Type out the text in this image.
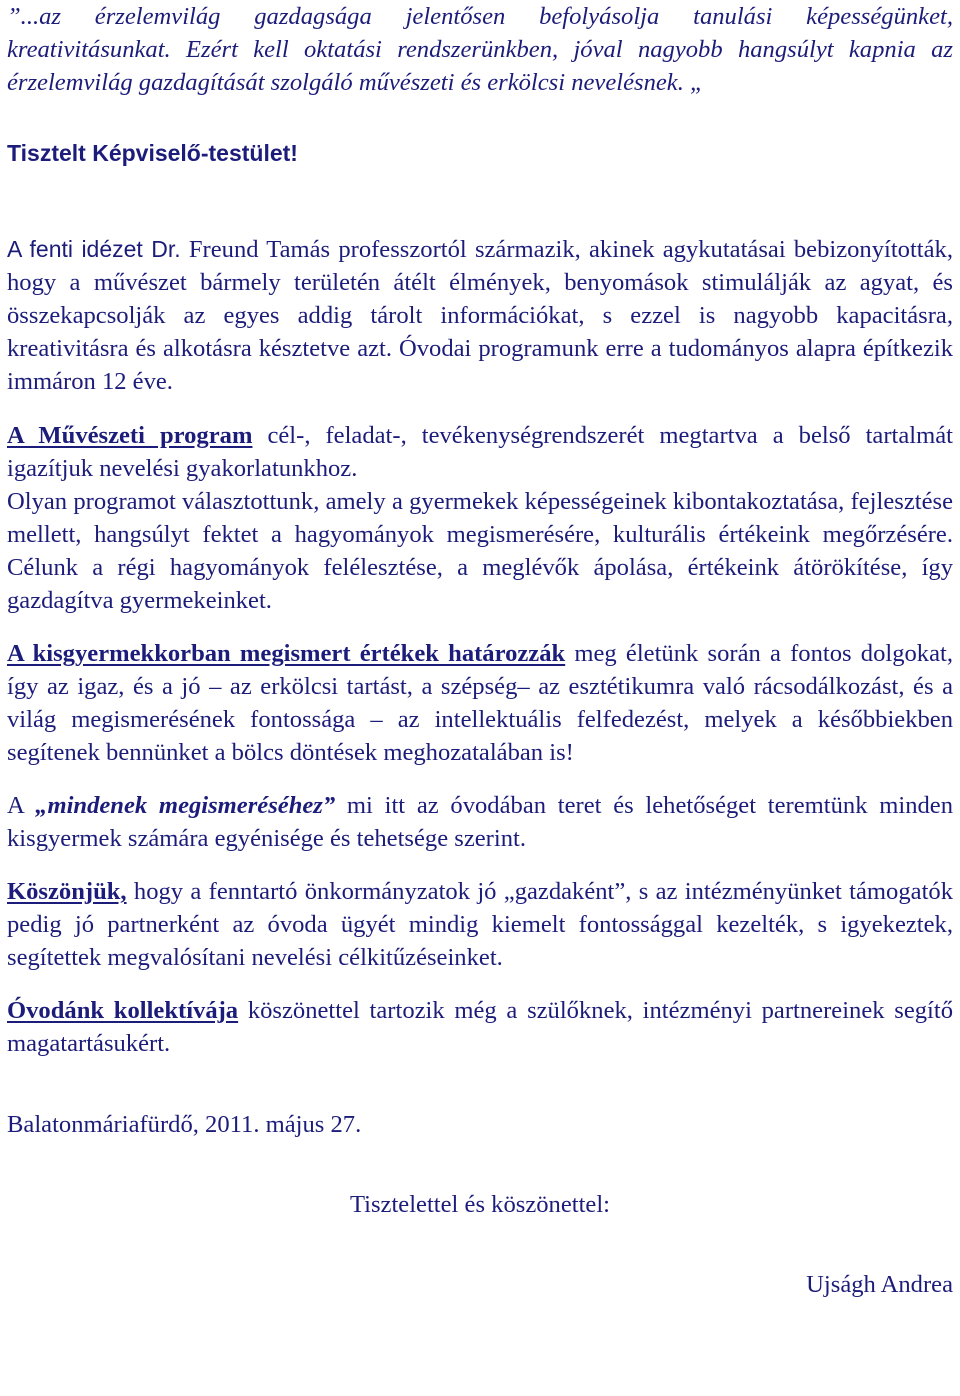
”...az érzelemvilág gazdagsága jelentősen befolyásolja tanulási képességünket, kreativitásunkat. Ezért kell oktatási rendszerünkben, jóval nagyobb hangsúlyt kapnia az érzelemvilág gazdagítását szolgáló művészeti és erkölcsi nevelésnek. „

Tisztelt Képviselő-testület!

A fenti idézet Dr. Freund Tamás professzortól származik, akinek agykutatásai bebizonyították, hogy a művészet bármely területén átélt élmények, benyomások stimulálják az agyat, és összekapcsolják az egyes addig tárolt információkat, s ezzel is nagyobb kapacitásra, kreativitásra és alkotásra késztetve azt. Óvodai programunk erre a tudományos alapra építkezik immáron 12 éve.

A Művészeti program cél-, feladat-, tevékenységrendszerét megtartva a belső tartalmát igazítjuk nevelési gyakorlatunkhoz.

Olyan programot választottunk, amely a gyermekek képességeinek kibontakoztatása, fejlesztése mellett, hangsúlyt fektet a hagyományok megismerésére, kulturális értékeink megőrzésére. Célunk a régi hagyományok felélesztése, a meglévők ápolása, értékeink átörökítése, így gazdagítva gyermekeinket.

A kisgyermekkorban megismert értékek határozzák meg életünk során a fontos dolgokat, így az igaz, és a jó – az erkölcsi tartást, a szépség– az esztétikumra való rácsodálkozást, és a világ megismerésének fontossága – az intellektuális felfedezést, melyek a későbbiekben segítenek bennünket a bölcs döntések meghozatalában is!

A „mindenek megismeréséhez” mi itt az óvodában teret és lehetőséget teremtünk minden kisgyermek számára egyénisége és tehetsége szerint.

Köszönjük, hogy a fenntartó önkormányzatok jó „gazdaként”, s az intézményünket támogatók pedig jó partnerként az óvoda ügyét mindig kiemelt fontossággal kezelték, s igyekeztek, segítettek megvalósítani nevelési célkitűzéseinket.

Óvodánk kollektívája köszönettel tartozik még a szülőknek, intézményi partnereinek segítő magatartásukért.

Balatonmáriafürdő, 2011. május 27.

Tisztelettel és köszönettel:

Ujságh Andrea
